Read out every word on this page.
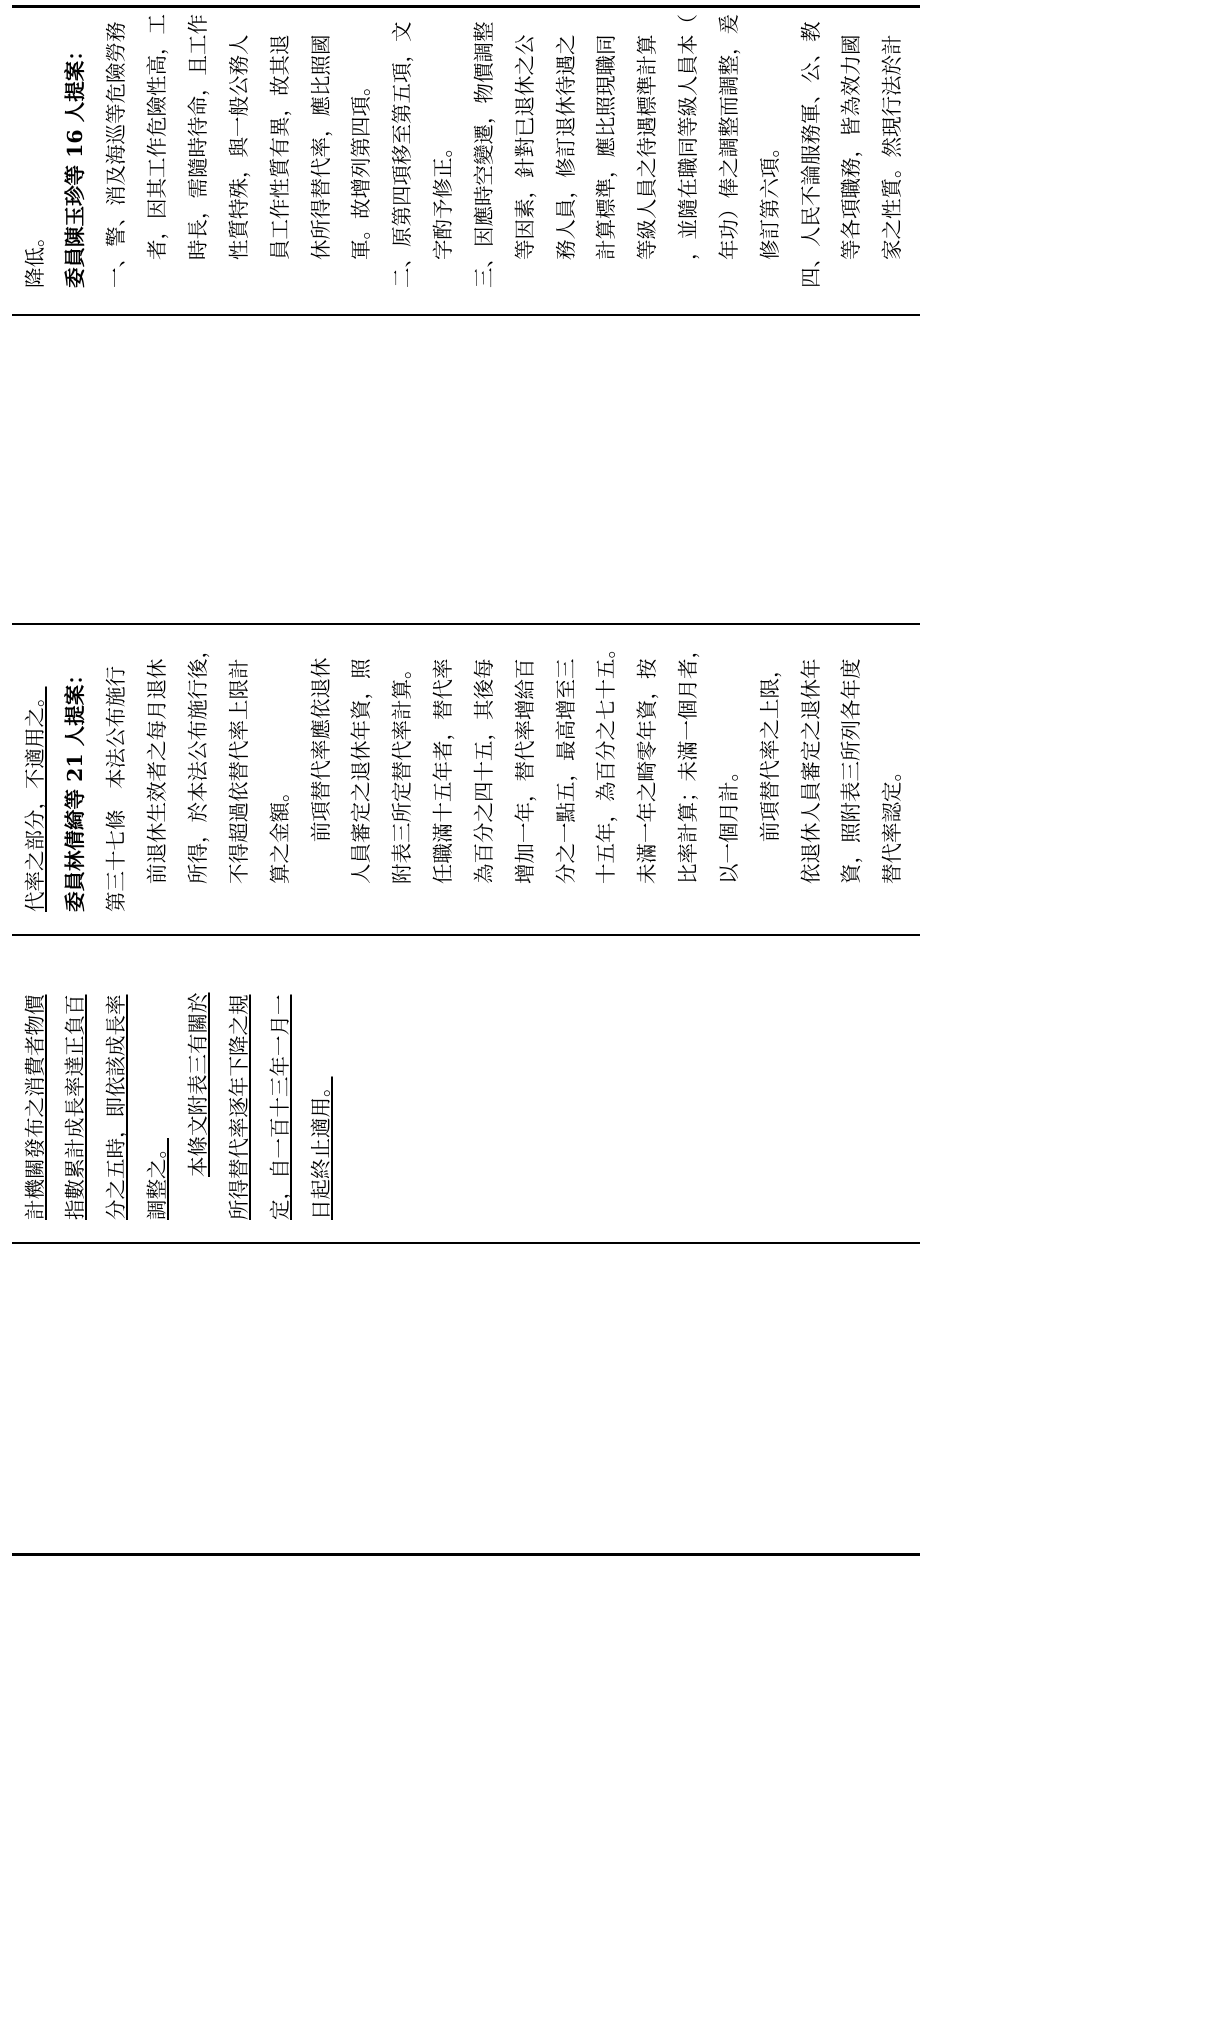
降低。 委員陳玉珍等 16 人提案： 一、警、消及海巡等危險勞務 者，因其工作危險性高，工 時長，需隨時待命，且工作 性質特殊，與一般公務人 員工作性質有異，故其退 休所得替代率，應比照國 軍。故增列第四項。 二、原第四項移至第五項，文 字酌予修正。 三、因應時空變遷，物價調整 等因素，針對已退休之公 務人員，修訂退休待遇之 計算標準，應比照現職同 等級人員之待遇標準計算 ，並隨在職同等級人員本（ 年功）俸之調整而調整，爰 修訂第六項。 四、人民不論服務軍、公、教 等各項職務，皆為效力國 家之性質。然現行法於計
代率之部分，不適用之。 委員林倩綺等 21 人提案： 第三十七條　本法公布施行 前退休生效者之每月退休 所得，於本法公布施行後， 不得超過依替代率上限計 算之金額。 前項替代率應依退休 人員審定之退休年資，照 附表三所定替代率計算。 任職滿十五年者，替代率 為百分之四十五，其後每 增加一年，替代率增給百 分之一點五，最高增至三 十五年，為百分之七十五。 未滿一年之畸零年資，按 比率計算；未滿一個月者， 以一個月計。 前項替代率之上限， 依退休人員審定之退休年 資，照附表三所列各年度 替代率認定。
計機關發布之消費者物價 指數累計成長率達正負百 分之五時，即依該成長率 調整之。
本條文附表三有關於 所得替代率逐年下降之規 定，自一百十三年一月一 日起終止適用。
